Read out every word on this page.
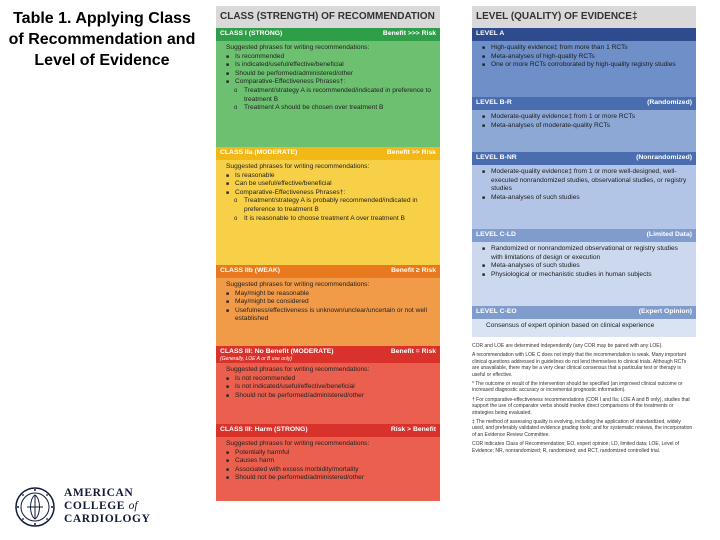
Table 1. Applying Class of Recommendation and Level of Evidence
CLASS (STRENGTH) OF RECOMMENDATION
CLASS I (STRONG)	Benefit >>> Risk
Suggested phrases for writing recommendations:
■ Is recommended
■ Is indicated/useful/effective/beneficial
■ Should be performed/administered/other
■ Comparative-Effectiveness Phrases†:
o Treatment/strategy A is recommended/indicated in preference to treatment B
o Treatment A should be chosen over treatment B
CLASS IIa (MODERATE)	Benefit >> Risk
Suggested phrases for writing recommendations:
■ Is reasonable
■ Can be useful/effective/beneficial
■ Comparative-Effectiveness Phrases†:
o Treatment/strategy A is probably recommended/indicated in preference to treatment B
o It is reasonable to choose treatment A over treatment B
CLASS IIb (WEAK)	Benefit ≥ Risk
Suggested phrases for writing recommendations:
■ May/might be reasonable
■ May/might be considered
■ Usefulness/effectiveness is unknown/unclear/uncertain or not well established
CLASS III: No Benefit (MODERATE)	Benefit = Risk
(Generally, LOE A or B use only)
Suggested phrases for writing recommendations:
■ Is not recommended
■ Is not indicated/useful/effective/beneficial
■ Should not be performed/administered/other
CLASS III: Harm (STRONG)	Risk > Benefit
Suggested phrases for writing recommendations:
■ Potentially harmful
■ Causes harm
■ Associated with excess morbidity/mortality
■ Should not be performed/administered/other
LEVEL (QUALITY) OF EVIDENCE‡
LEVEL A
■ High-quality evidence‡ from more than 1 RCTs
■ Meta-analyses of high-quality RCTs
■ One or more RCTs corroborated by high-quality registry studies
LEVEL B-R	(Randomized)
■ Moderate-quality evidence‡ from 1 or more RCTs
■ Meta-analyses of moderate-quality RCTs
LEVEL B-NR	(Nonrandomized)
■ Moderate-quality evidence‡ from 1 or more well-designed, well-executed nonrandomized studies, observational studies, or registry studies
■ Meta-analyses of such studies
LEVEL C-LD	(Limited Data)
■ Randomized or nonrandomized observational or registry studies with limitations of design or execution
■ Meta-analyses of such studies
■ Physiological or mechanistic studies in human subjects
LEVEL C-EO	(Expert Opinion)
Consensus of expert opinion based on clinical experience

COR and LOE are determined independently (any COR may be paired with any LOE).

A recommendation with LOE C does not imply that the recommendation is weak. Many important clinical questions addressed in guidelines do not lend themselves to clinical trials. Although RCTs are unavailable, there may be a very clear clinical consensus that a particular test or therapy is useful or effective.

* The outcome or result of the intervention should be specified (an improved clinical outcome or increased diagnostic accuracy or incremental prognostic information).

† For comparative-effectiveness recommendations (COR I and IIa; LOE A and B only), studies that support the use of comparator verbs should involve direct comparisons of the treatments or strategies being evaluated.

‡ The method of assessing quality is evolving, including the application of standardized, widely used, and preferably validated evidence grading tools; and for systematic reviews, the incorporation of an Evidence Review Committee.

COR indicates Class of Recommendation; EO, expert opinion; LD, limited data; LOE, Level of Evidence; NR, nonrandomized; R, randomized; and RCT, randomized controlled trial.

AMERICAN
COLLEGE of
CARDIOLOGY
